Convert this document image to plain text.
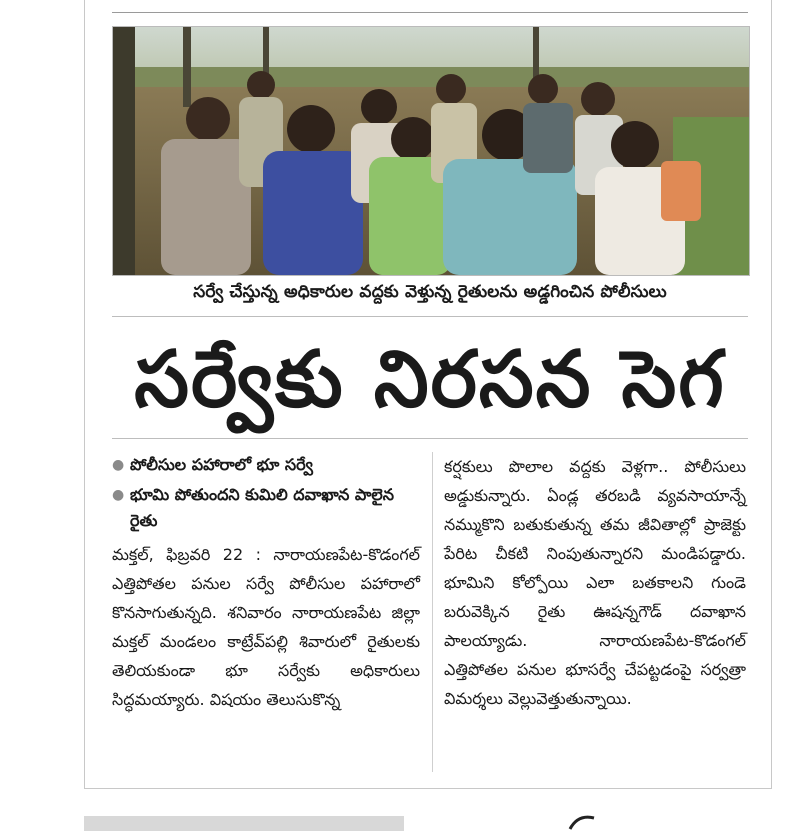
సర్వే చేస్తున్న అధికారుల వద్దకు వెళ్తున్న రైతులను అడ్డగించిన పోలీసులు
సర్వేకు నిరసన సెగ
● పోలీసుల పహారాలో భూ సర్వే
● భూమి పోతుందని కుమిలి దవాఖాన పాలైన రైతు
మక్తల్, ఫిబ్రవరి 22 : నారాయణపేట-కొడంగల్ ఎత్తిపోతల పనుల సర్వే పోలీసుల పహారాలో కొనసాగుతున్నది. శనివారం నారాయణపేట జిల్లా మక్తల్ మండలం కాట్రేవ్‌పల్లి శివారులో రైతులకు తెలియకుండా భూ సర్వేకు అధికారులు సిద్ధమయ్యారు. విషయం తెలుసుకొన్న
కర్షకులు పొలాల వద్దకు వెళ్లగా.. పోలీసులు అడ్డుకున్నారు. ఏండ్ల తరబడి వ్యవసాయాన్నే నమ్ముకొని బతుకుతున్న తమ జీవితాల్లో ప్రాజెక్టు పేరిట చీకటి నింపుతున్నారని మండిపడ్డారు. భూమిని కోల్పోయి ఎలా బతకాలని గుండె బరువెక్కిన రైతు ఊషన్నగౌడ్ దవాఖాన పాలయ్యాడు. నారాయణపేట-కొడంగల్ ఎత్తిపోతల పనుల భూసర్వే చేపట్టడంపై సర్వత్రా విమర్శలు వెల్లువెత్తుతున్నాయి.
